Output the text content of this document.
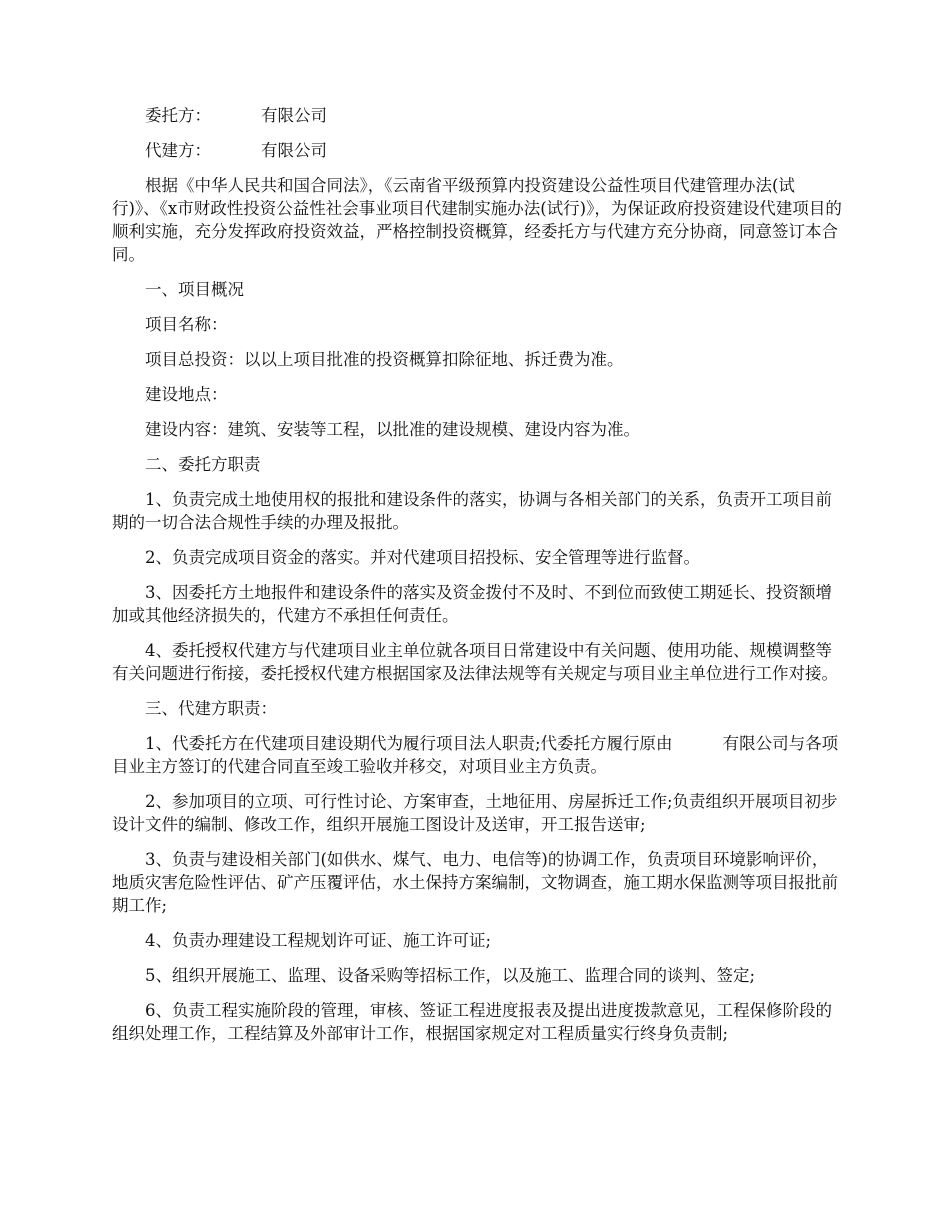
委托方：	有限公司

代建方：	有限公司

根据《中华人民共和国合同法》，《云南省平级预算内投资建设公益性项目代建管理办法(试行)》、《x市财政性投资公益性社会事业项目代建制实施办法(试行)》，为保证政府投资建设代建项目的顺利实施，充分发挥政府投资效益，严格控制投资概算，经委托方与代建方充分协商，同意签订本合同。

一、项目概况

项目名称：

项目总投资：以以上项目批准的投资概算扣除征地、拆迁费为准。

建设地点：

建设内容：建筑、安装等工程，以批准的建设规模、建设内容为准。

二、委托方职责

1、负责完成土地使用权的报批和建设条件的落实，协调与各相关部门的关系，负责开工项目前期的一切合法合规性手续的办理及报批。

2、负责完成项目资金的落实。并对代建项目招投标、安全管理等进行监督。

3、因委托方土地报件和建设条件的落实及资金拨付不及时、不到位而致使工期延长、投资额增加或其他经济损失的，代建方不承担任何责任。

4、委托授权代建方与代建项目业主单位就各项目日常建设中有关问题、使用功能、规模调整等有关问题进行衔接，委托授权代建方根据国家及法律法规等有关规定与项目业主单位进行工作对接。

三、代建方职责：

1、代委托方在代建项目建设期代为履行项目法人职责;代委托方履行原由	有限公司与各项目业主方签订的代建合同直至竣工验收并移交，对项目业主方负责。

2、参加项目的立项、可行性讨论、方案审查，土地征用、房屋拆迁工作;负责组织开展项目初步设计文件的编制、修改工作，组织开展施工图设计及送审，开工报告送审;

3、负责与建设相关部门(如供水、煤气、电力、电信等)的协调工作，负责项目环境影响评价，地质灾害危险性评估、矿产压覆评估，水土保持方案编制，文物调查，施工期水保监测等项目报批前期工作;

4、负责办理建设工程规划许可证、施工许可证;

5、组织开展施工、监理、设备采购等招标工作，以及施工、监理合同的谈判、签定;

6、负责工程实施阶段的管理，审核、签证工程进度报表及提出进度拨款意见，工程保修阶段的组织处理工作，工程结算及外部审计工作，根据国家规定对工程质量实行终身负责制;
